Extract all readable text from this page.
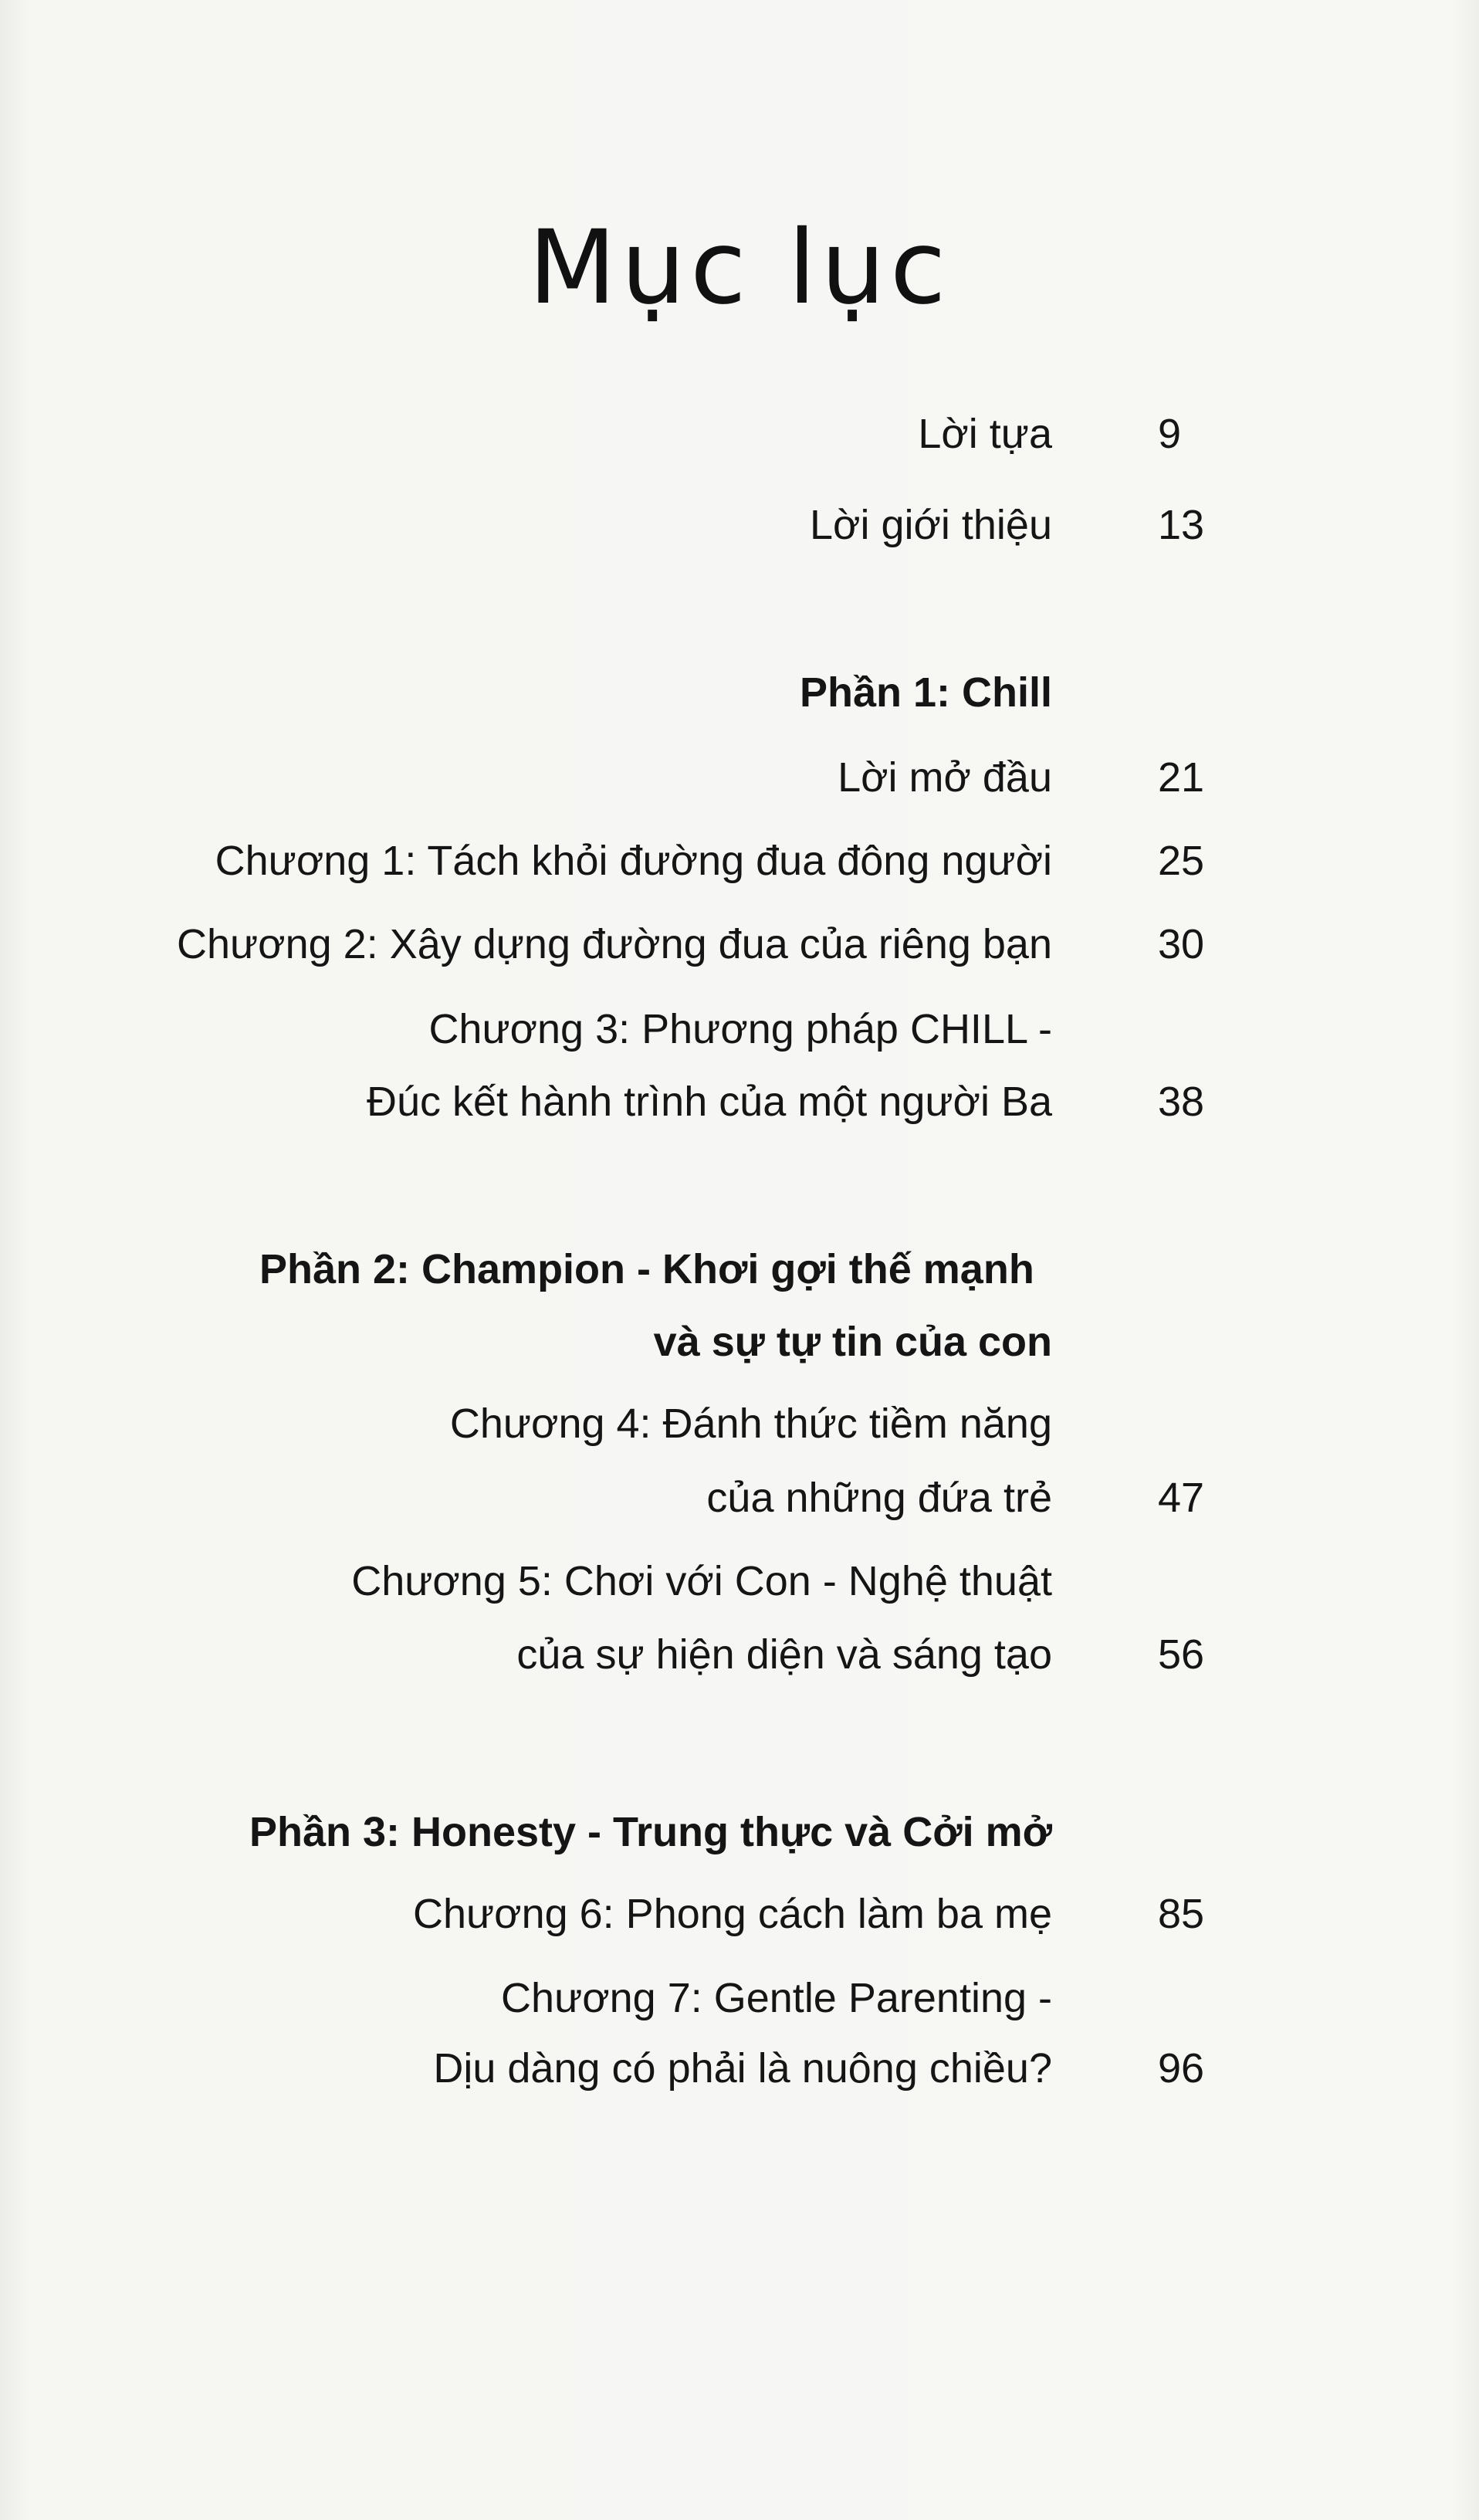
Mục lục
Lời tựa	9
Lời giới thiệu	13
Phần 1: Chill
Lời mở đầu	21
Chương 1: Tách khỏi đường đua đông người	25
Chương 2: Xây dựng đường đua của riêng bạn	30
Chương 3: Phương pháp CHILL -
Đúc kết hành trình của một người Ba	38
Phần 2: Champion - Khơi gợi thế mạnh
và sự tự tin của con
Chương 4: Đánh thức tiềm năng
của những đứa trẻ	47
Chương 5: Chơi với Con - Nghệ thuật
của sự hiện diện và sáng tạo	56
Phần 3: Honesty - Trung thực và Cởi mở
Chương 6: Phong cách làm ba mẹ	85
Chương 7: Gentle Parenting -
Dịu dàng có phải là nuông chiều?	96
